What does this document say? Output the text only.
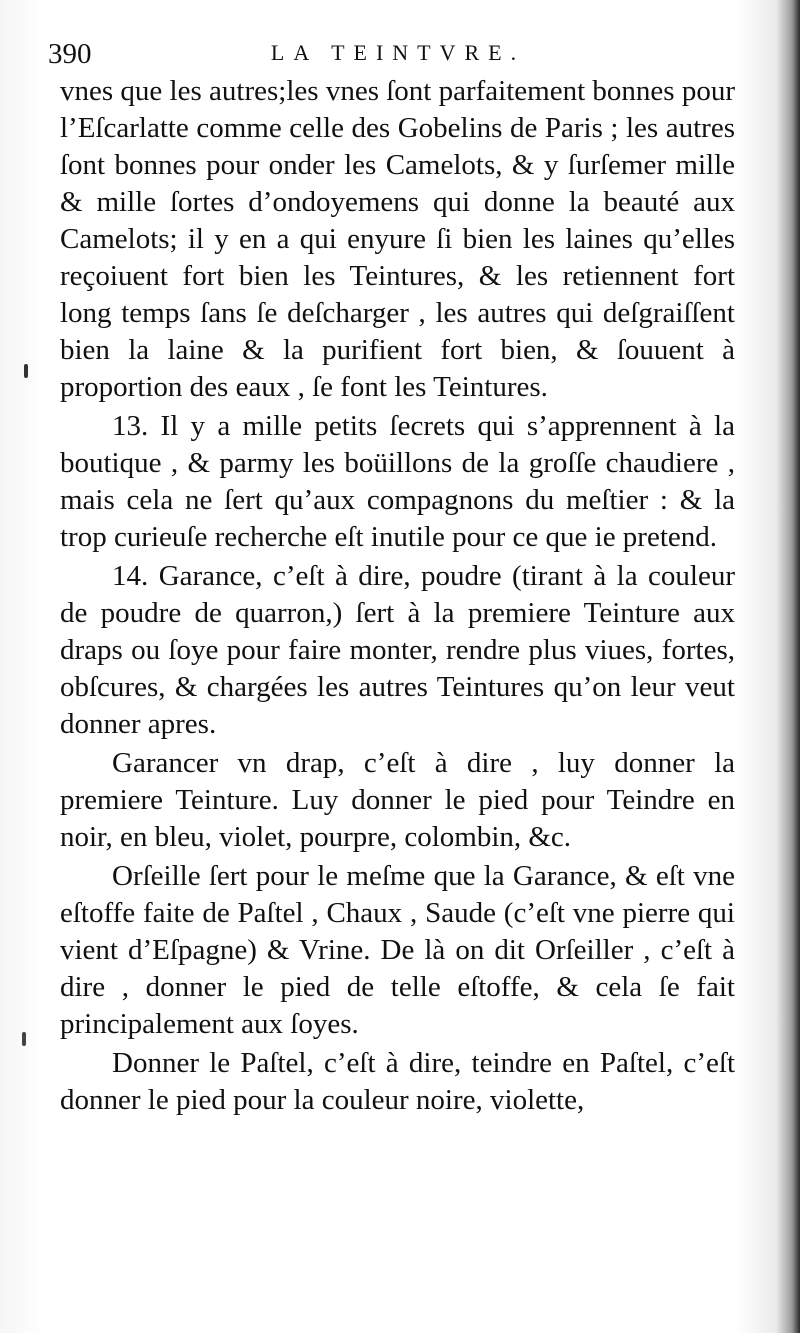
390	LA TEINTVRE.

vnes que les autres;les vnes ſont parfaitement bonnes pour l’Eſcarlatte comme celle des Gobelins de Paris ; les autres ſont bonnes pour onder les Camelots, & y ſurſemer mille & mille ſortes d’ondoyemens qui donne la beauté aux Camelots; il y en a qui enyure ſi bien les laines qu’elles reçoiuent fort bien les Teintures, & les retiennent fort long temps ſans ſe deſcharger , les autres qui deſgraiſſent bien la laine & la purifient fort bien, & ſouuent à proportion des eaux , ſe font les Teintures.

13. Il y a mille petits ſecrets qui s’apprennent à la boutique , & parmy les boüillons de la groſſe chaudiere , mais cela ne ſert qu’aux compagnons du meſtier : & la trop curieuſe recherche eſt inutile pour ce que ie pretend.

14. Garance, c’eſt à dire, poudre (tirant à la couleur de poudre de quarron,) ſert à la premiere Teinture aux draps ou ſoye pour faire monter, rendre plus viues, fortes, obſcures, & chargées les autres Teintures qu’on leur veut donner apres.

Garancer vn drap, c’eſt à dire , luy donner la premiere Teinture. Luy donner le pied pour Teindre en noir, en bleu, violet, pourpre, colombin, &c.

Orſeille ſert pour le meſme que la Garance, & eſt vne eſtoffe faite de Paſtel , Chaux , Saude (c’eſt vne pierre qui vient d’Eſpagne) & Vrine. De là on dit Orſeiller , c’eſt à dire , donner le pied de telle eſtoffe, & cela ſe fait principalement aux ſoyes.

Donner le Paſtel, c’eſt à dire, teindre en Paſtel, c’eſt donner le pied pour la couleur noire, violette,
